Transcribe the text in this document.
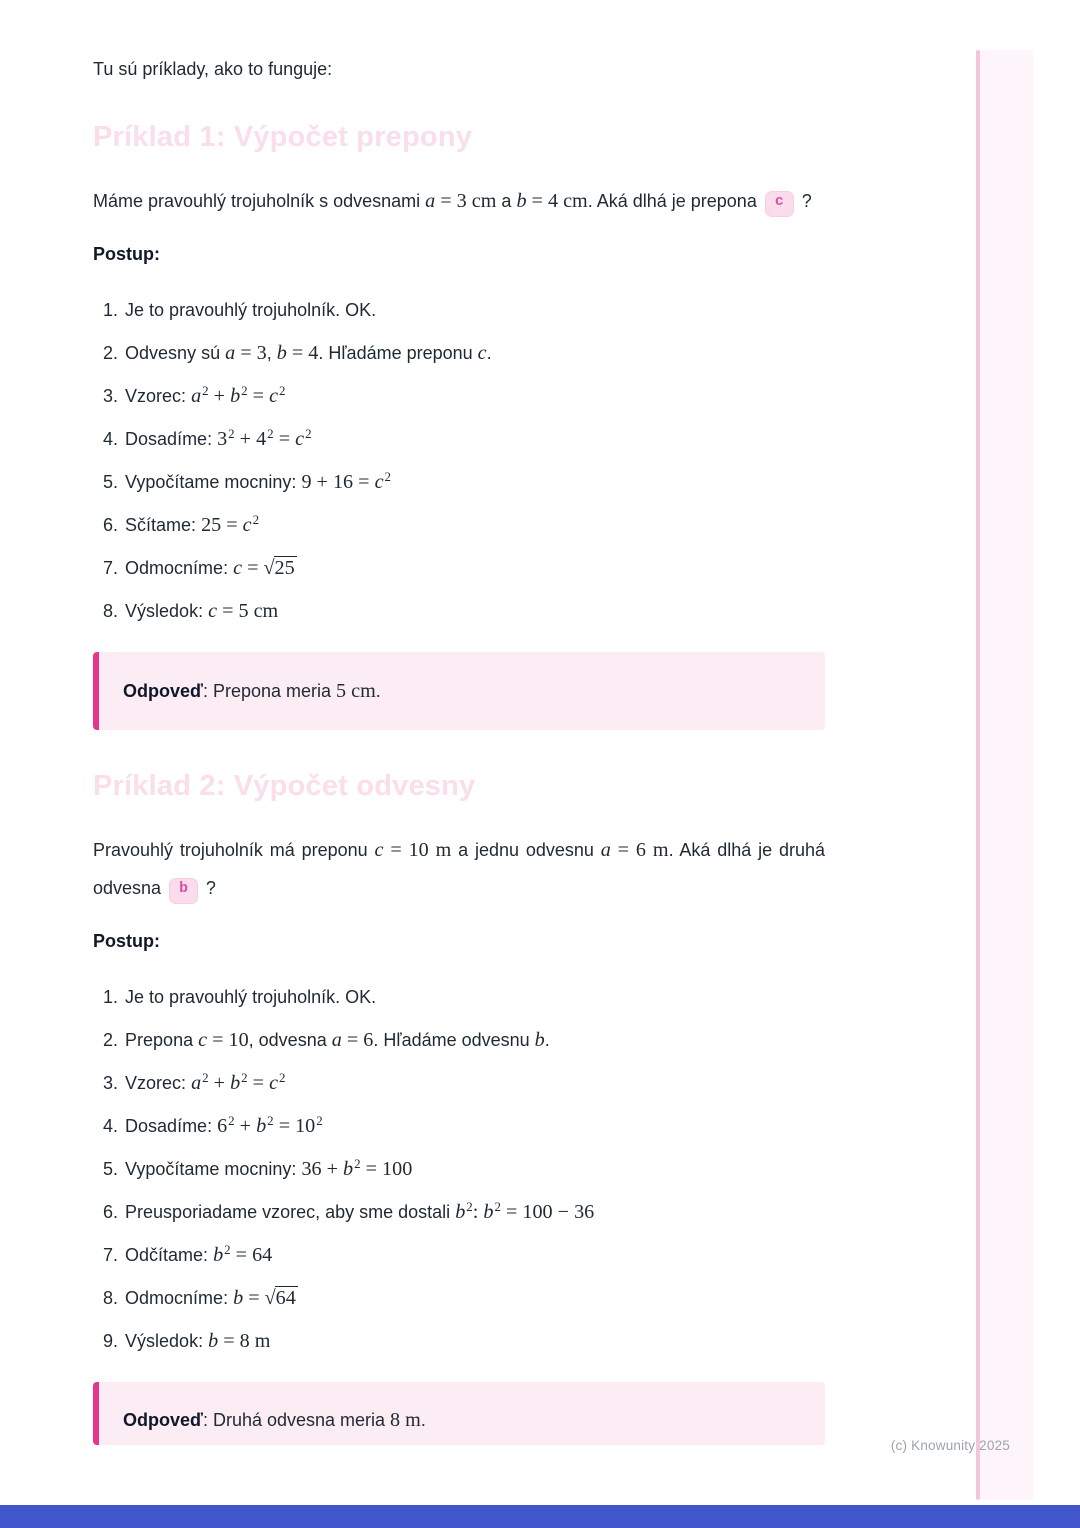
Tu sú príklady, ako to funguje:

Príklad 1: Výpočet prepony

Máme pravouhlý trojuholník s odvesnami a = 3 cm a b = 4 cm. Aká dlhá je prepona c ?

Postup:

Je to pravouhlý trojuholník. OK.
Odvesny sú a = 3, b = 4. Hľadáme preponu c.
Vzorec: $a^2 + b^2 = c^2$
Dosadíme: $3^2 + 4^2 = c^2$
Vypočítame mocniny: $9 + 16 = c^2$
Sčítame: $25 = c^2$
Odmocníme: c = √25
Výsledok: c = 5 cm

Odpoveď: Prepona meria 5 cm.

Príklad 2: Výpočet odvesny

Pravouhlý trojuholník má preponu c = 10 m a jednu odvesnu a = 6 m. Aká dlhá je druhá odvesna b ?

Postup:

Je to pravouhlý trojuholník. OK.
Prepona c = 10, odvesna a = 6. Hľadáme odvesnu b.
Vzorec: $a^2 + b^2 = c^2$
Dosadíme: $6^2 + b^2 = 10^2$
Vypočítame mocniny: $36 + b^2 = 100$
Preusporiadame vzorec, aby sme dostali $b^2$: $b^2 = 100 - 36$
Odčítame: $b^2 = 64$
Odmocníme: b = √64
Výsledok: b = 8 m

Odpoveď: Druhá odvesna meria 8 m.

(c) Knowunity 2025
